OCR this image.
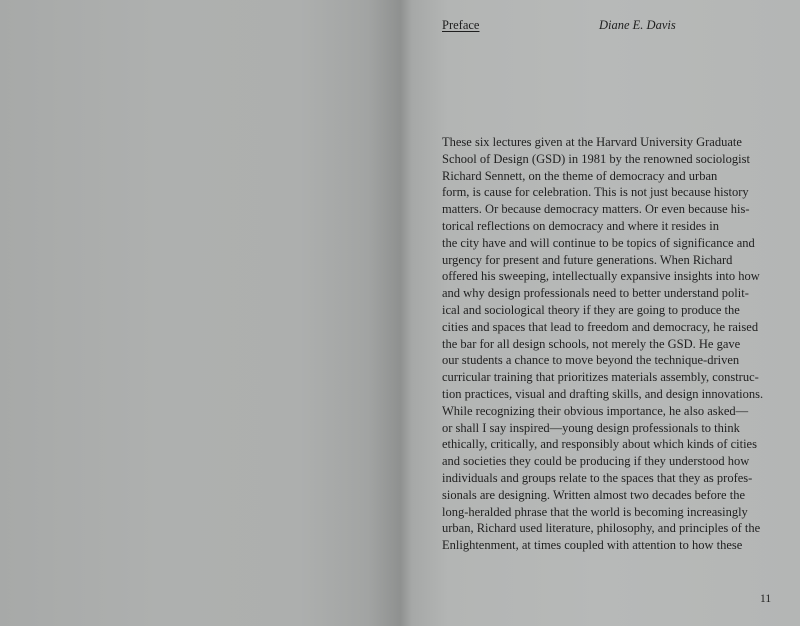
Preface	Diane E. Davis
These six lectures given at the Harvard University Graduate
School of Design (GSD) in 1981 by the renowned sociologist
Richard Sennett, on the theme of democracy and urban
form, is cause for celebration. This is not just because history
matters. Or because democracy matters. Or even because his-
torical reflections on democracy and where it resides in
the city have and will continue to be topics of significance and
urgency for present and future generations. When Richard
offered his sweeping, intellectually expansive insights into how
and why design professionals need to better understand polit-
ical and sociological theory if they are going to produce the
cities and spaces that lead to freedom and democracy, he raised
the bar for all design schools, not merely the GSD. He gave
our students a chance to move beyond the technique-driven
curricular training that prioritizes materials assembly, construc-
tion practices, visual and drafting skills, and design innovations.
While recognizing their obvious importance, he also asked—
or shall I say inspired—young design professionals to think
ethically, critically, and responsibly about which kinds of cities
and societies they could be producing if they understood how
individuals and groups relate to the spaces that they as profes-
sionals are designing. Written almost two decades before the
long-heralded phrase that the world is becoming increasingly
urban, Richard used literature, philosophy, and principles of the
Enlightenment, at times coupled with attention to how these
11
